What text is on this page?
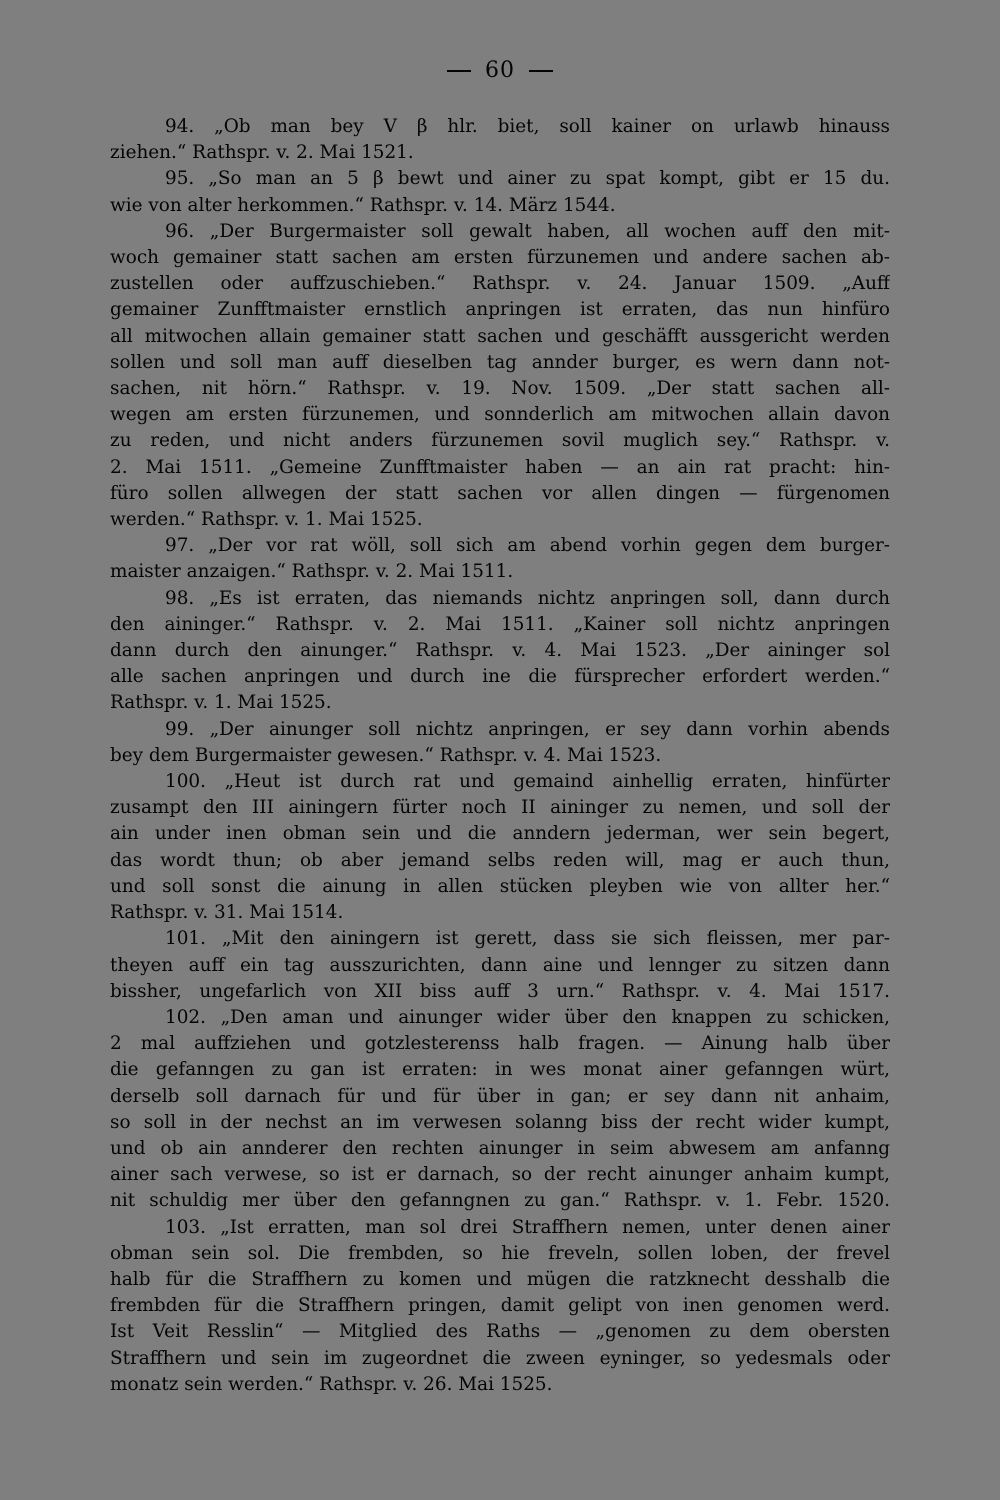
60
94. „Ob man bey V β hlr. biet, soll kainer on urlawb hinauss
ziehen.“ Rathspr. v. 2. Mai 1521.
95. „So man an 5 β bewt und ainer zu spat kompt, gibt er 15 du.
wie von alter herkommen.“ Rathspr. v. 14. März 1544.
96. „Der Burgermaister soll gewalt haben, all wochen auff den mit-
woch gemainer statt sachen am ersten fürzunemen und andere sachen ab-
zustellen oder auffzuschieben.“ Rathspr. v. 24. Januar 1509. „Auff
gemainer Zunfftmaister ernstlich anpringen ist erraten, das nun hinfüro
all mitwochen allain gemainer statt sachen und geschäfft aussgericht werden
sollen und soll man auff dieselben tag annder burger, es wern dann not-
sachen, nit hörn.“ Rathspr. v. 19. Nov. 1509. „Der statt sachen all-
wegen am ersten fürzunemen, und sonnderlich am mitwochen allain davon
zu reden, und nicht anders fürzunemen sovil muglich sey.“ Rathspr. v.
2. Mai 1511. „Gemeine Zunfftmaister haben — an ain rat pracht: hin-
füro sollen allwegen der statt sachen vor allen dingen — fürgenomen
werden.“ Rathspr. v. 1. Mai 1525.
97. „Der vor rat wöll, soll sich am abend vorhin gegen dem burger-
maister anzaigen.“ Rathspr. v. 2. Mai 1511.
98. „Es ist erraten, das niemands nichtz anpringen soll, dann durch
den aininger.“ Rathspr. v. 2. Mai 1511. „Kainer soll nichtz anpringen
dann durch den ainunger.“ Rathspr. v. 4. Mai 1523. „Der aininger sol
alle sachen anpringen und durch ine die fürsprecher erfordert werden.“
Rathspr. v. 1. Mai 1525.
99. „Der ainunger soll nichtz anpringen, er sey dann vorhin abends
bey dem Burgermaister gewesen.“ Rathspr. v. 4. Mai 1523.
100. „Heut ist durch rat und gemaind ainhellig erraten, hinfürter
zusampt den III ainingern fürter noch II aininger zu nemen, und soll der
ain under inen obman sein und die anndern jederman, wer sein begert,
das wordt thun; ob aber jemand selbs reden will, mag er auch thun,
und soll sonst die ainung in allen stücken pleyben wie von allter her.“
Rathspr. v. 31. Mai 1514.
101. „Mit den ainingern ist gerett, dass sie sich fleissen, mer par-
theyen auff ein tag ausszurichten, dann aine und lennger zu sitzen dann
bissher, ungefarlich von XII biss auff 3 urn.“ Rathspr. v. 4. Mai 1517.
102. „Den aman und ainunger wider über den knappen zu schicken,
2 mal auffziehen und gotzlesterenss halb fragen. — Ainung halb über
die gefanngen zu gan ist erraten: in wes monat ainer gefanngen würt,
derselb soll darnach für und für über in gan; er sey dann nit anhaim,
so soll in der nechst an im verwesen solanng biss der recht wider kumpt,
und ob ain annderer den rechten ainunger in seim abwesem am anfanng
ainer sach verwese, so ist er darnach, so der recht ainunger anhaim kumpt,
nit schuldig mer über den gefanngnen zu gan.“ Rathspr. v. 1. Febr. 1520.
103. „Ist erratten, man sol drei Straffhern nemen, unter denen ainer
obman sein sol. Die frembden, so hie freveln, sollen loben, der frevel
halb für die Straffhern zu komen und mügen die ratzknecht desshalb die
frembden für die Straffhern pringen, damit gelipt von inen genomen werd.
Ist Veit Resslin“ — Mitglied des Raths — „genomen zu dem obersten
Straffhern und sein im zugeordnet die zween eyninger, so yedesmals oder
monatz sein werden.“ Rathspr. v. 26. Mai 1525.
